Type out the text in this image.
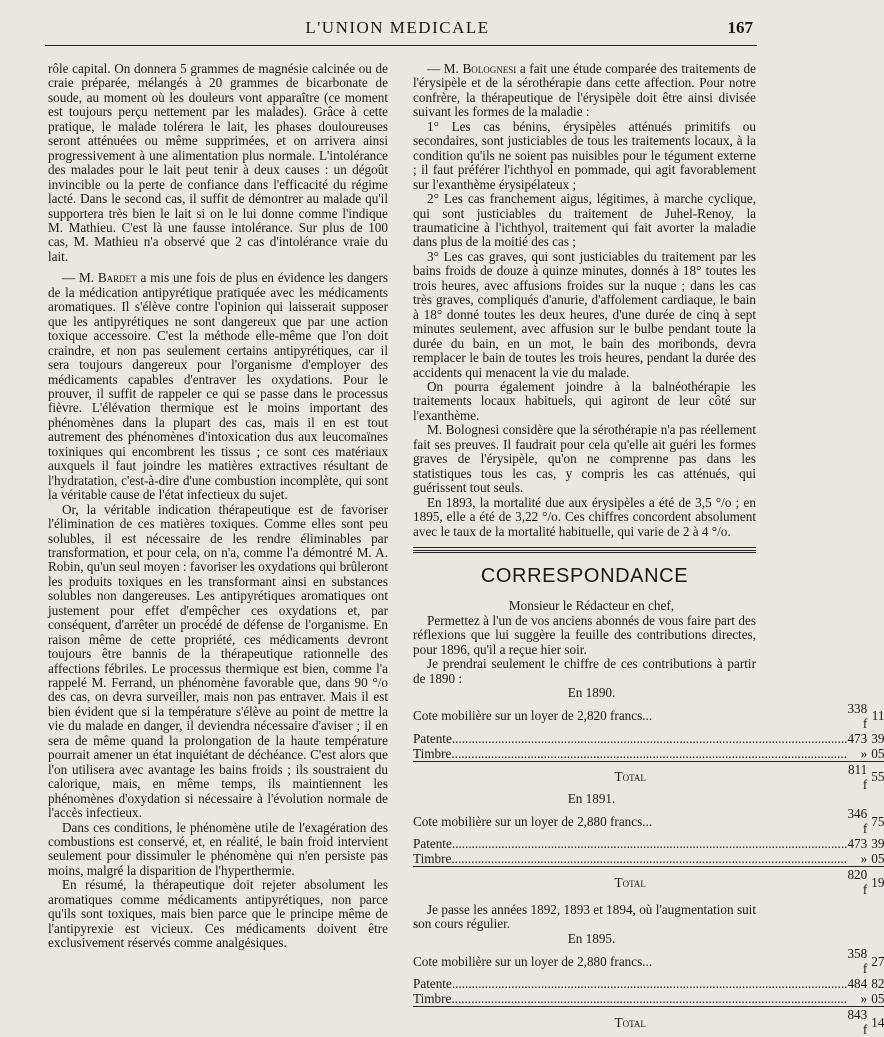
L'UNION MEDICALE	167

rôle capital. On donnera 5 grammes de magnésie calcinée ou de craie préparée, mélangés à 20 grammes de bicarbonate de soude, au moment où les douleurs vont apparaître (ce moment est toujours perçu nettement par les malades). Grâce à cette pratique, le malade tolérera le lait, les phases douloureuses seront atténuées ou même supprimées, et on arrivera ainsi progressivement à une alimentation plus normale. L'intolérance des malades pour le lait peut tenir à deux causes : un dégoût invincible ou la perte de confiance dans l'efficacité du régime lacté. Dans le second cas, il suffit de démontrer au malade qu'il supportera très bien le lait si on le lui donne comme l'indique M. Mathieu. C'est là une fausse intolérance. Sur plus de 100 cas, M. Mathieu n'a observé que 2 cas d'intolérance vraie du lait.

— M. Bardet a mis une fois de plus en évidence les dangers de la médication antipyrétique pratiquée avec les médicaments aromatiques. Il s'élève contre l'opinion qui laisserait supposer que les antipyrétiques ne sont dangereux que par une action toxique accessoire. C'est la méthode elle-même que l'on doit craindre, et non pas seulement certains antipyrétiques, car il sera toujours dangereux pour l'organisme d'employer des médicaments capables d'entraver les oxydations. Pour le prouver, il suffit de rappeler ce qui se passe dans le processus fièvre. L'élévation thermique est le moins important des phénomènes dans la plupart des cas, mais il en est tout autrement des phénomènes d'intoxication dus aux leucomaïnes toxiniques qui encombrent les tissus ; ce sont ces matériaux auxquels il faut joindre les matières extractives résultant de l'hydratation, c'est-à-dire d'une combustion incomplète, qui sont la véritable cause de l'état infectieux du sujet.

Or, la véritable indication thérapeutique est de favoriser l'élimination de ces matières toxiques. Comme elles sont peu solubles, il est nécessaire de les rendre éliminables par transformation, et pour cela, on n'a, comme l'a démontré M. A. Robin, qu'un seul moyen : favoriser les oxydations qui brûleront les produits toxiques en les transformant ainsi en substances solubles non dangereuses. Les antipyrétiques aromatiques ont justement pour effet d'empêcher ces oxydations et, par conséquent, d'arrêter un procédé de défense de l'organisme. En raison même de cette propriété, ces médicaments devront toujours être bannis de la thérapeutique rationnelle des affections fébriles. Le processus thermique est bien, comme l'a rappelé M. Ferrand, un phénomène favorable que, dans 90 °/o des cas, on devra surveiller, mais non pas entraver. Mais il est bien évident que si la température s'élève au point de mettre la vie du malade en danger, il deviendra nécessaire d'aviser ; il en sera de même quand la prolongation de la haute température pourrait amener un état inquiétant de déchéance. C'est alors que l'on utilisera avec avantage les bains froids ; ils soustraient du calorique, mais, en même temps, ils maintiennent les phénomènes d'oxydation si nécessaire à l'évolution normale de l'accès infectieux.

Dans ces conditions, le phénomène utile de l'exagération des combustions est conservé, et, en réalité, le bain froid intervient seulement pour dissimuler le phénomène qui n'en persiste pas moins, malgré la disparition de l'hyperthermie.

En résumé, la thérapeutique doit rejeter absolument les aromatiques comme médicaments antipyrétiques, non parce qu'ils sont toxiques, mais bien parce que le principe même de l'antipyrexie est vicieux. Ces médicaments doivent être exclusivement réservés comme analgésiques.

— M. Bolognesi a fait une étude comparée des traitements de l'érysipèle et de la sérothérapie dans cette affection. Pour notre confrère, la thérapeutique de l'érysipèle doit être ainsi divisée suivant les formes de la maladie :

1° Les cas bénins, érysipèles atténués primitifs ou secondaires, sont justiciables de tous les traitements locaux, à la condition qu'ils ne soient pas nuisibles pour le tégument externe ; il faut préférer l'ichthyol en pommade, qui agit favorablement sur l'exanthème érysipélateux ;

2° Les cas franchement aigus, légitimes, à marche cyclique, qui sont justiciables du traitement de Juhel-Renoy, la traumaticine à l'ichthyol, traitement qui fait avorter la maladie dans plus de la moitié des cas ;

3° Les cas graves, qui sont justiciables du traitement par les bains froids de douze à quinze minutes, donnés à 18° toutes les trois heures, avec affusions froides sur la nuque ; dans les cas très graves, compliqués d'anurie, d'affolement cardiaque, le bain à 18° donné toutes les deux heures, d'une durée de cinq à sept minutes seulement, avec affusion sur le bulbe pendant toute la durée du bain, en un mot, le bain des moribonds, devra remplacer le bain de toutes les trois heures, pendant la durée des accidents qui menacent la vie du malade.

On pourra également joindre à la balnéothérapie les traitements locaux habituels, qui agiront de leur côté sur l'exanthème.

M. Bolognesi considère que la sérothérapie n'a pas réellement fait ses preuves. Il faudrait pour cela qu'elle ait guéri les formes graves de l'érysipèle, qu'on ne comprenne pas dans les statistiques tous les cas, y compris les cas atténués, qui guérissent tout seuls.

En 1893, la mortalité due aux érysipèles a été de 3,5 °/o ; en 1895, elle a été de 3,22 °/o. Ces chiffres concordent absolument avec le taux de la mortalité habituelle, qui varie de 2 à 4 °/o.

CORRESPONDANCE

Monsieur le Rédacteur en chef,

Permettez à l'un de vos anciens abonnés de vous faire part des réflexions que lui suggère la feuille des contributions directes, pour 1896, qu'il a reçue hier soir.

Je prendrai seulement le chiffre de ces contributions à partir de 1890 :

En 1890.

Cote mobilière sur un loyer de 2,820 francs...	338 f	11
Patente........................................................................................................................	473	39
Timbre........................................................................................................................	»	05
Total	811 f	55

En 1891.

Cote mobilière sur un loyer de 2,880 francs...	346 f	75
Patente........................................................................................................................	473	39
Timbre........................................................................................................................	»	05
Total	820 f	19

Je passe les années 1892, 1893 et 1894, où l'augmentation suit son cours régulier.

En 1895.

Cote mobilière sur un loyer de 2,880 francs...	358 f	27
Patente........................................................................................................................	484	82
Timbre........................................................................................................................	»	05
Total	843 f	14
